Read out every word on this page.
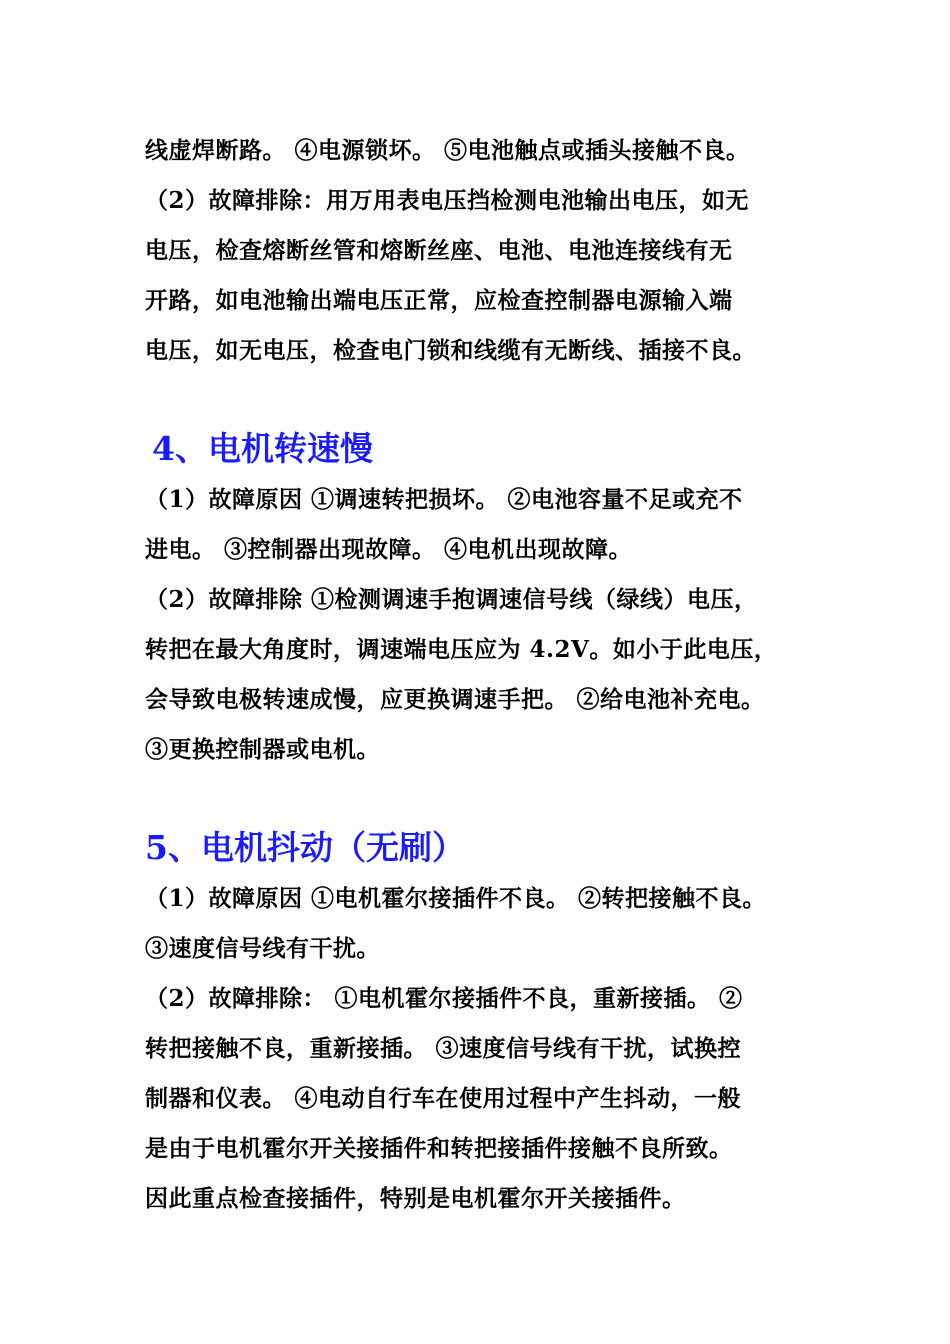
线虚焊断路。 ④电源锁坏。 ⑤电池触点或插头接触不良。
（2）故障排除：用万用表电压挡检测电池输出电压，如无
电压，检查熔断丝管和熔断丝座、电池、电池连接线有无
开路，如电池输出端电压正常，应检查控制器电源输入端
电压，如无电压，检查电门锁和线缆有无断线、插接不良。
4、电机转速慢
（1）故障原因 ①调速转把损坏。 ②电池容量不足或充不
进电。 ③控制器出现故障。 ④电机出现故障。
（2）故障排除 ①检测调速手抱调速信号线（绿线）电压，
转把在最大角度时，调速端电压应为 4.2V。如小于此电压，
会导致电极转速成慢，应更换调速手把。 ②给电池补充电。
③更换控制器或电机。
5、电机抖动（无刷）
（1）故障原因 ①电机霍尔接插件不良。 ②转把接触不良。
③速度信号线有干扰。
（2）故障排除： ①电机霍尔接插件不良，重新接插。 ②
转把接触不良，重新接插。 ③速度信号线有干扰，试换控
制器和仪表。 ④电动自行车在使用过程中产生抖动，一般
是由于电机霍尔开关接插件和转把接插件接触不良所致。
因此重点检查接插件，特别是电机霍尔开关接插件。
